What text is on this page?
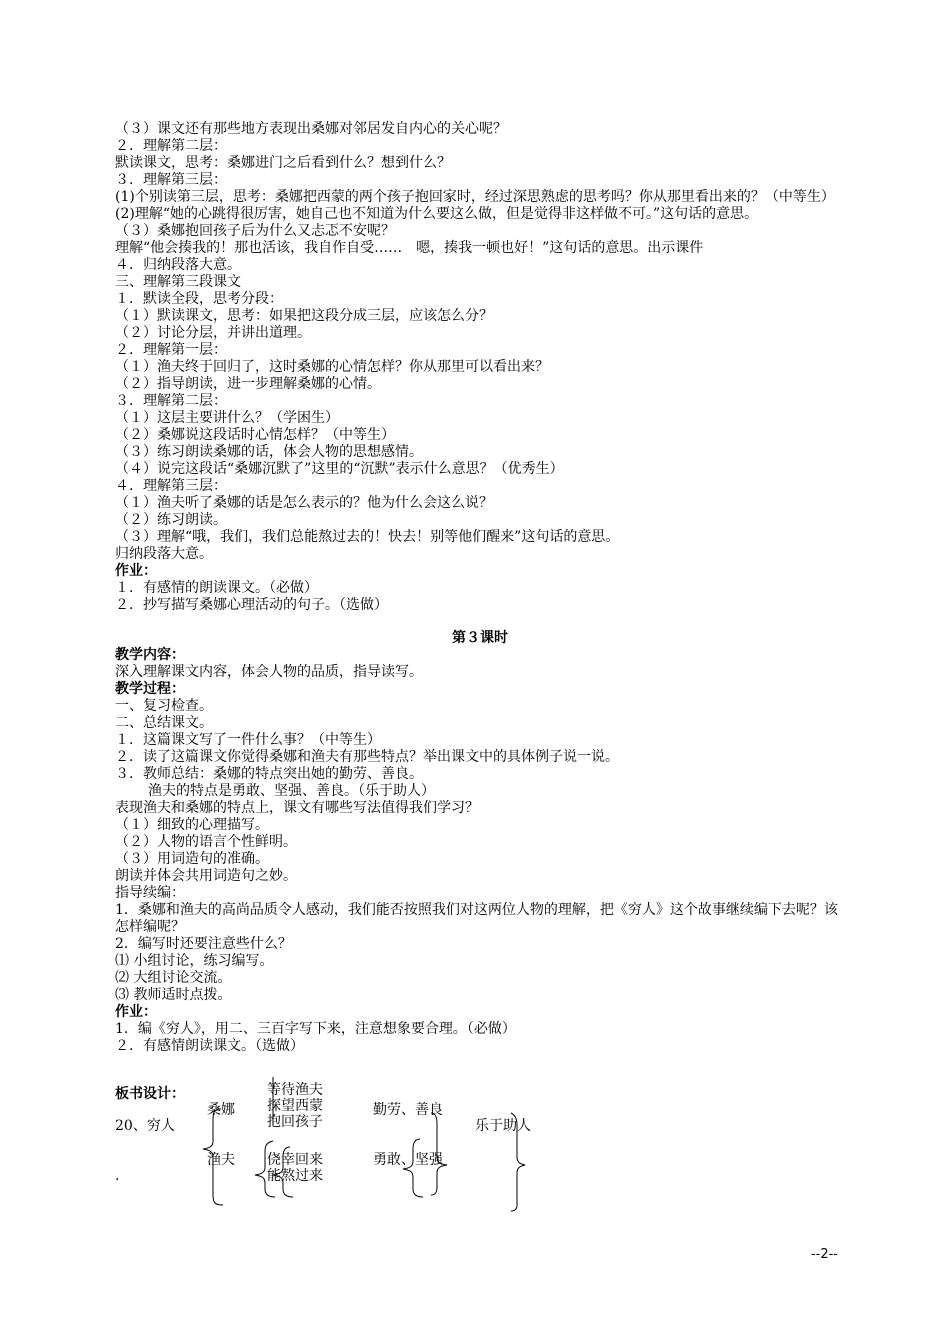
（３）课文还有那些地方表现出桑娜对邻居发自内心的关心呢？

２．理解第二层：

默读课文，思考：桑娜进门之后看到什么？想到什么？

３．理解第三层：

(1)个别读第三层，思考：桑娜把西蒙的两个孩子抱回家时，经过深思熟虑的思考吗？你从那里看出来的？（中等生）

(2)理解“她的心跳得很厉害，她自己也不知道为什么要这么做，但是觉得非这样做不可。”这句话的意思。

（３）桑娜抱回孩子后为什么又忐忑不安呢？

理解“他会揍我的！那也活该，我自作自受……　嗯，揍我一顿也好！”这句话的意思。出示课件

４．归纳段落大意。

三、理解第三段课文

１．默读全段，思考分段：

（１）默读课文，思考：如果把这段分成三层，应该怎么分？

（２）讨论分层，并讲出道理。

２．理解第一层：

（１）渔夫终于回归了，这时桑娜的心情怎样？你从那里可以看出来？

（２）指导朗读，进一步理解桑娜的心情。

３．理解第二层：

（１）这层主要讲什么？（学困生）

（２）桑娜说这段话时心情怎样？（中等生）

（３）练习朗读桑娜的话，体会人物的思想感情。

（４）说完这段话“桑娜沉默了”这里的“沉默”表示什么意思？（优秀生）

４．理解第三层：

（１）渔夫听了桑娜的话是怎么表示的？他为什么会这么说？

（２）练习朗读。

（３）理解“哦，我们，我们总能熬过去的！快去！别等他们醒来”这句话的意思。

归纳段落大意。

作业：

１．有感情的朗读课文。（必做）

２．抄写描写桑娜心理活动的句子。（选做）

第３课时

教学内容：

深入理解课文内容，体会人物的品质，指导读写。

教学过程：

一、复习检查。

二、总结课文。

１．这篇课文写了一件什么事？（中等生）

２．读了这篇课文你觉得桑娜和渔夫有那些特点？举出课文中的具体例子说一说。

３．教师总结：桑娜的特点突出她的勤劳、善良。

渔夫的特点是勇敢、坚强、善良。（乐于助人）

表现渔夫和桑娜的特点上，课文有哪些写法值得我们学习？

（１）细致的心理描写。

（２）人物的语言个性鲜明。

（３）用词造句的准确。

朗读并体会共用词造句之妙。

指导续编：

1．桑娜和渔夫的高尚品质令人感动，我们能否按照我们对这两位人物的理解，把《穷人》这个故事继续编下去呢？该怎样编呢？

2．编写时还要注意些什么？

⑴ 小组讨论，练习编写。

⑵ 大组讨论交流。

⑶ 教师适时点拨。

作业：

1．编《穷人》，用二、三百字写下来，注意想象要合理。（必做）

２．有感情朗读课文。（选做）

板书设计：
20、穷人
桑娜
渔夫
等待渔夫
探望西蒙
抱回孩子
侥幸回来
能熬过来
勤劳、善良
勇敢、坚强
乐于助人
.
--2--
